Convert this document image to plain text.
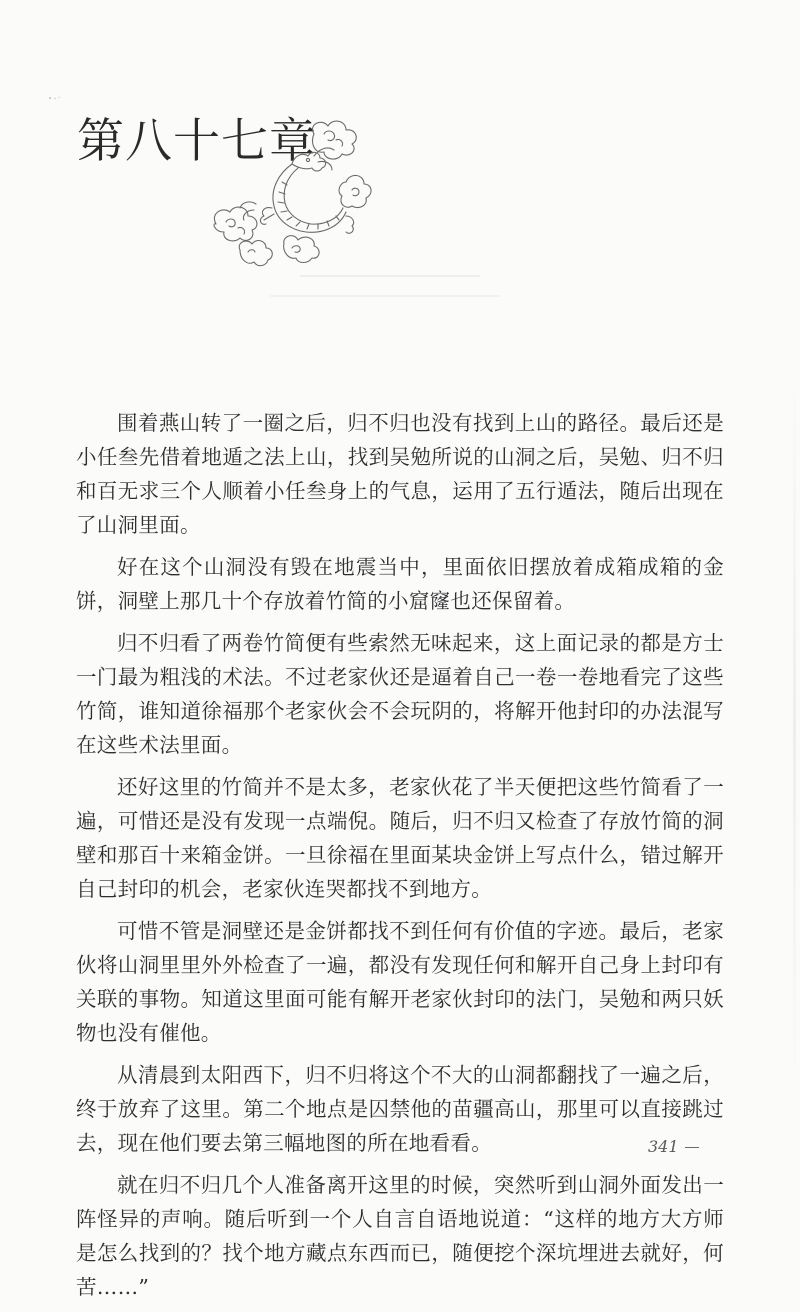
第八十七章

围着燕山转了一圈之后，归不归也没有找到上山的路径。最后还是小任叁先借着地遁之法上山，找到吴勉所说的山洞之后，吴勉、归不归和百无求三个人顺着小任叁身上的气息，运用了五行遁法，随后出现在了山洞里面。

好在这个山洞没有毁在地震当中，里面依旧摆放着成箱成箱的金饼，洞壁上那几十个存放着竹简的小窟窿也还保留着。

归不归看了两卷竹简便有些索然无味起来，这上面记录的都是方士一门最为粗浅的术法。不过老家伙还是逼着自己一卷一卷地看完了这些竹简，谁知道徐福那个老家伙会不会玩阴的，将解开他封印的办法混写在这些术法里面。

还好这里的竹简并不是太多，老家伙花了半天便把这些竹简看了一遍，可惜还是没有发现一点端倪。随后，归不归又检查了存放竹简的洞壁和那百十来箱金饼。一旦徐福在里面某块金饼上写点什么，错过解开自己封印的机会，老家伙连哭都找不到地方。

可惜不管是洞壁还是金饼都找不到任何有价值的字迹。最后，老家伙将山洞里里外外检查了一遍，都没有发现任何和解开自己身上封印有关联的事物。知道这里面可能有解开老家伙封印的法门，吴勉和两只妖物也没有催他。

从清晨到太阳西下，归不归将这个不大的山洞都翻找了一遍之后，终于放弃了这里。第二个地点是囚禁他的苗疆高山，那里可以直接跳过去，现在他们要去第三幅地图的所在地看看。

就在归不归几个人准备离开这里的时候，突然听到山洞外面发出一阵怪异的声响。随后听到一个人自言自语地说道：“这样的地方大方师是怎么找到的？找个地方藏点东西而已，随便挖个深坑埋进去就好，何苦……”

341
